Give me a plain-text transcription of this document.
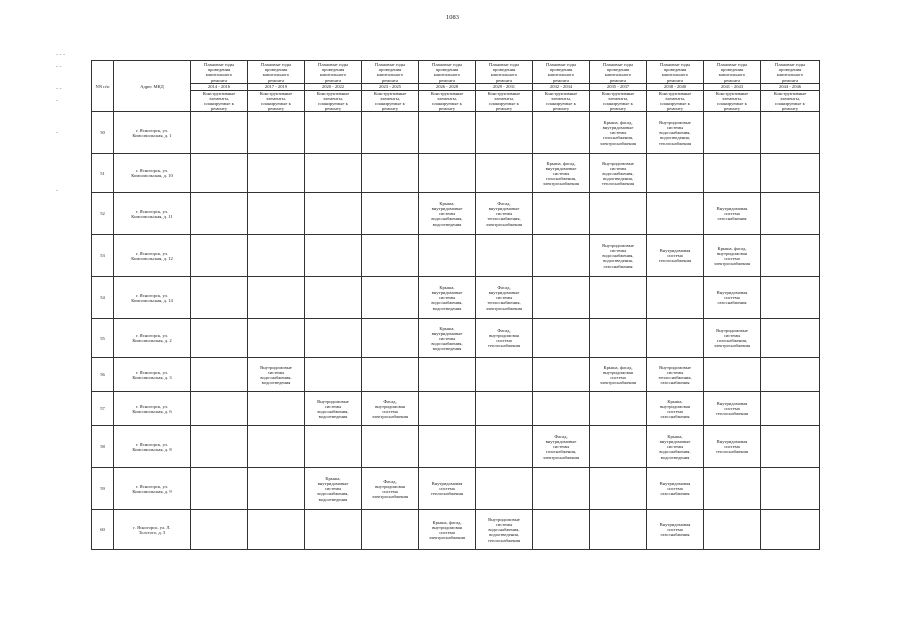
1083
- - -
- -
- -
-
-
-
NN п/п	Адрес МКД	Плановые годы
проведения
капитального
ремонта
2014 - 2016	Плановые годы
проведения
капитального
ремонта
2017 - 2019	Плановые годы
проведения
капитального
ремонта
2020 - 2022	Плановые годы
проведения
капитального
ремонта
2023 - 2025	Плановые годы
проведения
капитального
ремонта
2026 - 2028	Плановые годы
проведения
капитального
ремонта
2029 - 2031	Плановые годы
проведения
капитального
ремонта
2032 - 2034	Плановые годы
проведения
капитального
ремонта
2035 - 2037	Плановые годы
проведения
капитального
ремонта
2038 - 2040	Плановые годы
проведения
капитального
ремонта
2041 - 2043	Плановые годы
проведения
капитального
ремонта
2044 - 2046

		Конструктивные
элементы,
планируемые к
ремонту	Конструктивные
элементы,
планируемые к
ремонту	Конструктивные
элементы,
планируемые к
ремонту	Конструктивные
элементы,
планируемые к
ремонту	Конструктивные
элементы,
планируемые к
ремонту	Конструктивные
элементы,
планируемые к
ремонту	Конструктивные
элементы,
планируемые к
ремонту	Конструктивные
элементы,
планируемые к
ремонту	Конструктивные
элементы,
планируемые к
ремонту	Конструктивные
элементы,
планируемые к
ремонту	Конструктивные
элементы,
планируемые к
ремонту

50	г. Ясногорск, ул.
Комсомольская, д. 1								Крыша, фасад,
внутридомовые
системы
газоснабжения,
электроснабжения	Внутридомовые
системы
водоснабжения,
водоотведения,
теплоснабжения		

51	г. Ясногорск, ул.
Комсомольская, д. 10							Крыша, фасад,
внутридомовые
системы
газоснабжения,
электроснабжения	Внутридомовые
системы
водоснабжения,
водоотведения,
теплоснабжения			

52	г. Ясногорск, ул.
Комсомольская, д. 11					Крыша,
внутридомовые
системы
водоснабжения,
водоотведения	Фасад,
внутридомовые
системы
теплоснабжения,
электроснабжения				Внутридомовая
система
газоснабжения	

53	г. Ясногорск, ул.
Комсомольская, д. 12								Внутридомовые
системы
водоснабжения,
водоотведения,
газоснабжения	Внутридомовая
система
теплоснабжения	Крыша, фасад,
внутридомовая
система
электроснабжения	

54	г. Ясногорск, ул.
Комсомольская, д. 14					Крыша,
внутридомовые
системы
водоснабжения,
водоотведения	Фасад,
внутридомовые
системы
теплоснабжения,
электроснабжения				Внутридомовая
система
газоснабжения	

55	г. Ясногорск, ул.
Комсомольская, д. 2					Крыша,
внутридомовые
системы
водоснабжения,
водоотведения	Фасад,
внутридомовая
система
теплоснабжения				Внутридомовые
системы
газоснабжения,
электроснабжения	

56	г. Ясногорск, ул.
Комсомольская, д. 3		Внутридомовые
системы
водоснабжения,
водоотведения						Крыша, фасад,
внутридомовая
система
электроснабжения	Внутридомовые
системы
теплоснабжения,
газоснабжения		

57	г. Ясногорск, ул.
Комсомольская, д. 6			Внутридомовые
системы
водоснабжения,
водоотведения	Фасад,
внутридомовая
система
электроснабжения					Крыша,
внутридомовая
система
газоснабжения	Внутридомовая
система
теплоснабжения	

58	г. Ясногорск, ул.
Комсомольская, д. 8							Фасад,
внутридомовые
системы
газоснабжения,
электроснабжения		Крыша,
внутридомовые
системы
водоснабжения,
водоотведения	Внутридомовая
система
теплоснабжения	

59	г. Ясногорск, ул.
Комсомольская, д. 9			Крыша,
внутридомовые
системы
водоснабжения,
водоотведения	Фасад,
внутридомовая
система
электроснабжения	Внутридомовая
система
теплоснабжения				Внутридомовая
система
газоснабжения		

60	г. Ясногорск, ул. Л.
Толстого, д. 3					Крыша, фасад,
внутридомовая
система
электроснабжения	Внутридомовые
системы
водоснабжения,
водоотведения,
теплоснабжения			Внутридомовая
система
газоснабжения		
